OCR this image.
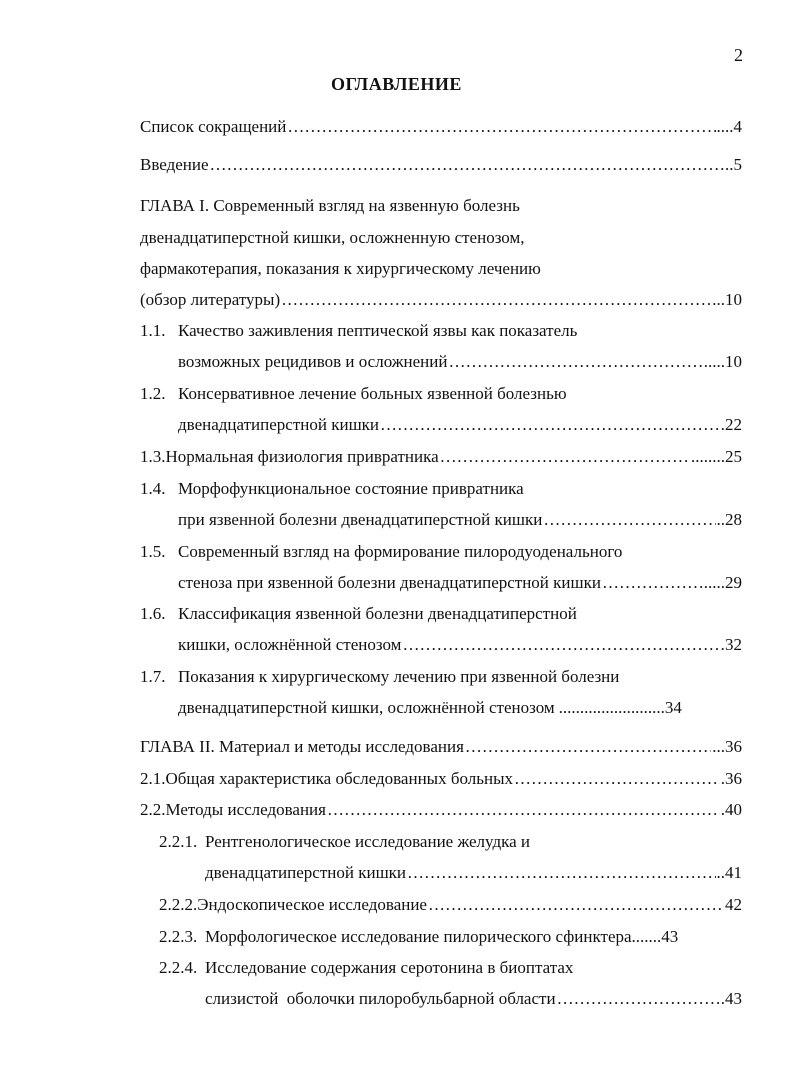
2
ОГЛАВЛЕНИЕ
Список сокращений …………………………………………………………………………………………………………………………………………………………………………………………	....4
Введение …………………………………………………………………………………………………………………………………………………………………………………………	..5
ГЛАВА I. Современный взгляд на язвенную болезнь
двенадцатиперстной кишки, осложненную стенозом,
фармакотерапия, показания к хирургическому лечению
(обзор литературы) …………………………………………………………………………………………………………………………………………………………………………………………	...10
1.1. Качество заживления пептической язвы как показатель
возможных рецидивов и осложнений …………………………………………………………………………………………………………………………………………………………………………………………	.....10
1.2. Консервативное лечение больных язвенной болезнью
двенадцатиперстной кишки …………………………………………………………………………………………………………………………………………………………………………………………	22
1.3. Нормальная физиология привратника …………………………………………………………………………………………………………………………………………………………………………………………	........25
1.4. Морфофункциональное состояние привратника
при язвенной болезни двенадцатиперстной кишки …………………………………………………………………………………………………………………………………………………………………………………………	..28
1.5. Современный взгляд на формирование пилородуоденального
стеноза при язвенной болезни двенадцатиперстной кишки …………………………………………………………………………………………………………………………………………………………………………………………	.....29
1.6. Классификация язвенной болезни двенадцатиперстной
кишки, осложнённой стенозом …………………………………………………………………………………………………………………………………………………………………………………………	32
1.7. Показания к хирургическому лечению при язвенной болезни
двенадцатиперстной кишки, осложнённой стенозом .........................34
ГЛАВА II. Материал и методы исследования …………………………………………………………………………………………………………………………………………………………………………………………	...36
2.1. Общая характеристика обследованных больных …………………………………………………………………………………………………………………………………………………………………………………………	.36
2.2. Методы исследования …………………………………………………………………………………………………………………………………………………………………………………………	.40
2.2.1. Рентгенологическое исследование желудка и
двенадцатиперстной кишки …………………………………………………………………………………………………………………………………………………………………………………………	..41
2.2.2. Эндоскопическое исследование …………………………………………………………………………………………………………………………………………………………………………………………	42
2.2.3. Морфологическое исследование пилорического сфинктера .......43
2.2.4. Исследование содержания серотонина в биоптатах
слизистой  оболочки пилоробульбарной области …………………………………………………………………………………………………………………………………………………………………………………………	.43
